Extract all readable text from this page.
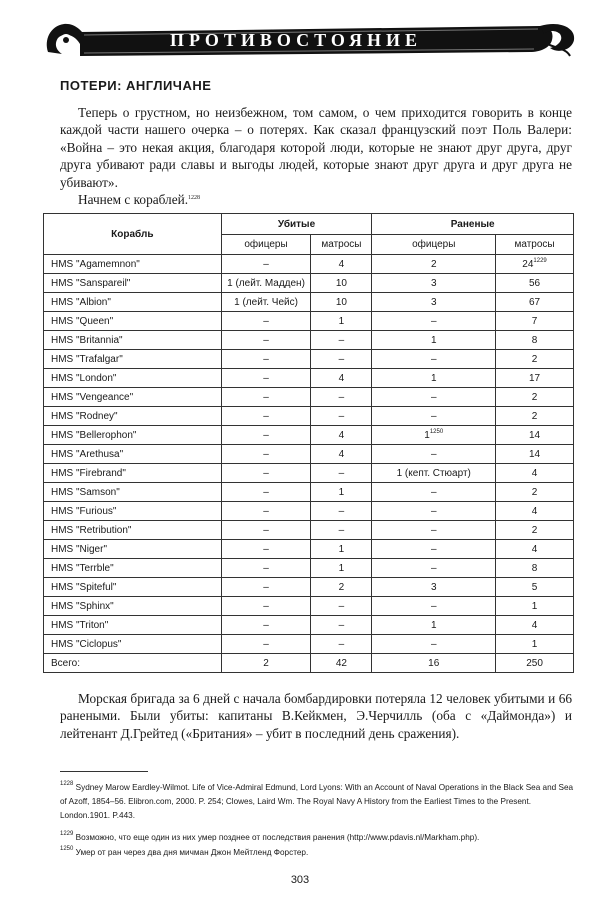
ПРОТИВОСТОЯНИЕ
ПОТЕРИ: АНГЛИЧАНЕ
Теперь о грустном, но неизбежном, том самом, о чем приходится говорить в конце каждой части нашего очерка – о потерях. Как сказал французский поэт Поль Валери: «Война – это некая акция, благодаря которой люди, которые не знают друг друга, друг друга убивают ради славы и выгоды людей, которые знают друг друга и друг друга не убивают».
Начнем с кораблей.$^{1228}$
Корабль	Убитые		Раненые	
	офицеры	матросы	офицеры	матросы
HMS "Agamemnon"	–	4	2	$24^{1229}$
HMS "Sanspareil"	1 (лейт. Мадден)	10	3	56
HMS "Albion"	1 (лейт. Чейс)	10	3	67
HMS "Queen"	–	1	–	7
HMS "Britannia"	–	–	1	8
HMS "Trafalgar"	–	–	–	2
HMS "London"	–	4	1	17
HMS "Vengeance"	–	–	–	2
HMS "Rodney"	–	–	–	2
HMS "Bellerophon"	–	4	$1^{1250}$	14
HMS "Arethusa"	–	4	–	14
HMS "Firebrand"	–	–	1 (кепт. Стюарт)	4
HMS "Samson"	–	1	–	2
HMS "Furious"	–	–	–	4
HMS "Retribution"	–	–	–	2
HMS "Niger"	–	1	–	4
HMS "Terrble"	–	1	–	8
HMS "Spiteful"	–	2	3	5
HMS "Sphinx"	–	–	–	1
HMS "Triton"	–	–	1	4
HMS "Ciclopus"	–	–	–	1
Всего:	2	42	16	250
Морская бригада за 6 дней с начала бомбардировки потеряла 12 человек убитыми и 66 ранеными. Были убиты: капитаны В.Кейкмен, Э.Черчилль (оба с «Даймонда») и лейтенант Д.Грейтед («Британия» – убит в последний день сражения).
$^{1228}$ Sydney Marow Eardley-Wilmot. Life of Vice-Admiral Edmund, Lord Lyons: With an Account of Naval Operations in the Black Sea and Sea of Azoff, 1854–56. Elibron.com, 2000. P. 254; Clowes, Laird Wm. The Royal Navy A History from the Earliest Times to the Present. London.1901. P.443.
$^{1229}$ Возможно, что еще один из них умер позднее от последствия ранения (http://www.pdavis.nl/Markham.php).
$^{1250}$ Умер от ран через два дня мичман Джон Мейтленд Форстер.
303
